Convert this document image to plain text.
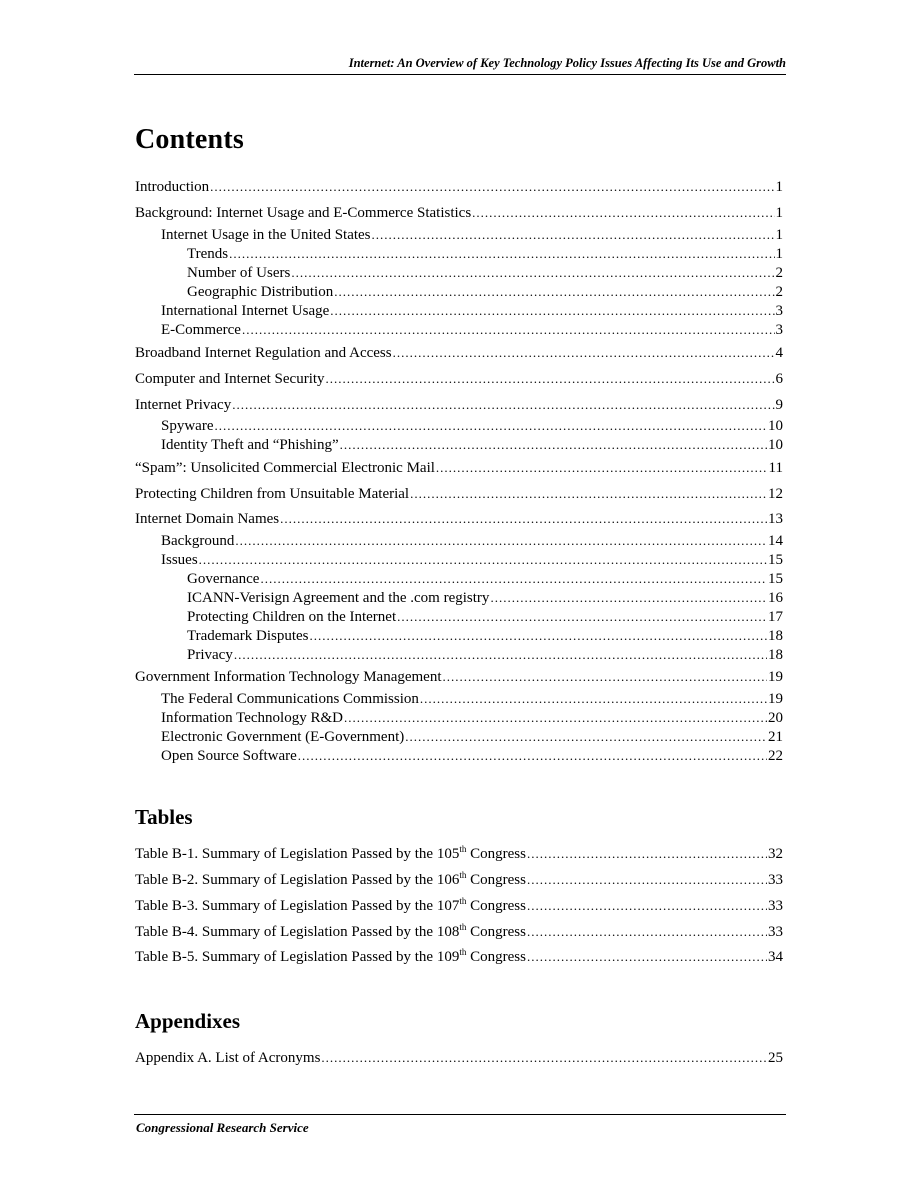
Internet: An Overview of Key Technology Policy Issues Affecting Its Use and Growth
Contents
Introduction .....	1
Background: Internet Usage and E-Commerce Statistics .....	1
Internet Usage in the United States .....	1
Trends .....	1
Number of Users .....	2
Geographic Distribution .....	2
International Internet Usage .....	3
E-Commerce .....	3
Broadband Internet Regulation and Access .....	4
Computer and Internet Security .....	6
Internet Privacy .....	9
Spyware .....	10
Identity Theft and “Phishing” .....	10
“Spam”: Unsolicited Commercial Electronic Mail .....	11
Protecting Children from Unsuitable Material .....	12
Internet Domain Names .....	13
Background .....	14
Issues .....	15
Governance .....	15
ICANN-Verisign Agreement and the .com registry .....	16
Protecting Children on the Internet .....	17
Trademark Disputes .....	18
Privacy .....	18
Government Information Technology Management .....	19
The Federal Communications Commission .....	19
Information Technology R&D .....	20
Electronic Government (E-Government) .....	21
Open Source Software .....	22
Tables
Table B-1. Summary of Legislation Passed by the 105th Congress .....	32
Table B-2. Summary of Legislation Passed by the 106th Congress .....	33
Table B-3. Summary of Legislation Passed by the 107th Congress .....	33
Table B-4. Summary of Legislation Passed by the 108th Congress .....	33
Table B-5. Summary of Legislation Passed by the 109th Congress .....	34
Appendixes
Appendix A. List of Acronyms .....	25
Congressional Research Service
